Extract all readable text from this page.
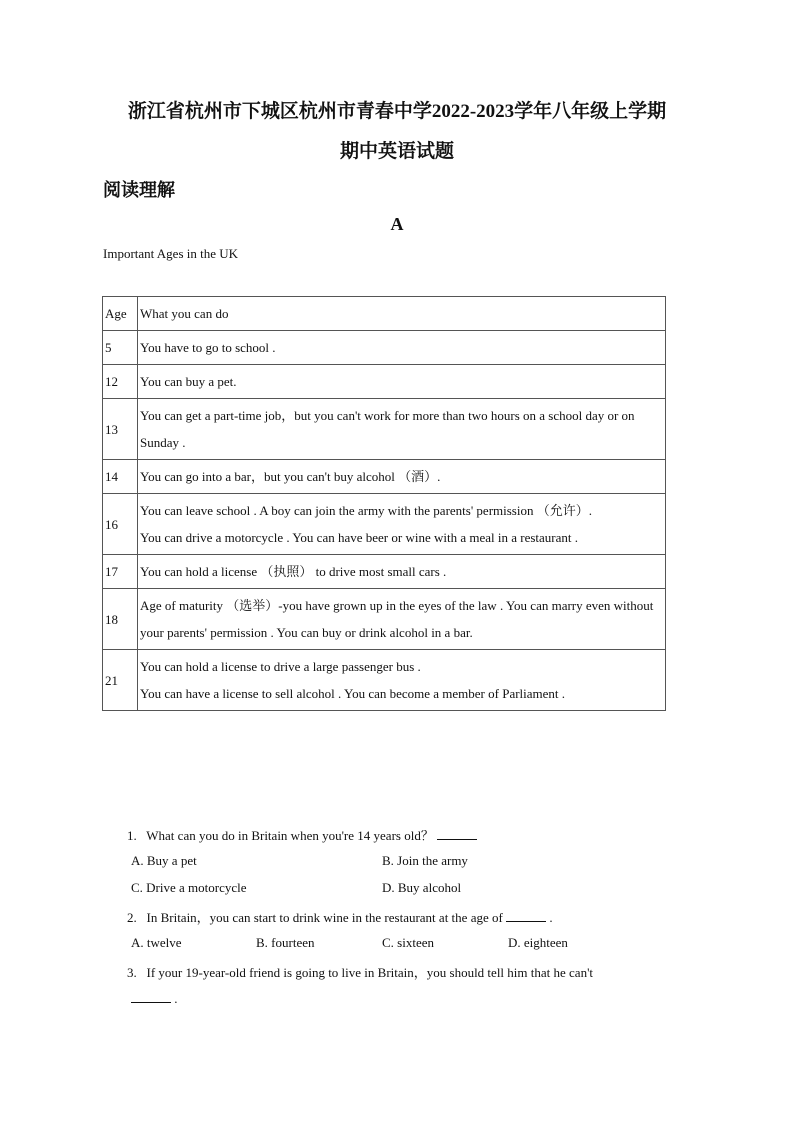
浙江省杭州市下城区杭州市青春中学2022-2023学年八年级上学期
期中英语试题
阅读理解
A
Important Ages in the UK
Age	What you can do
5	You have to go to school .
12	You can buy a pet.
13	You can get a part-time job，but you can't work for more than two hours on a school day or on Sunday .
14	You can go into a bar，but you can't buy alcohol （酒）.
16	You can leave school . A boy can join the army with the parents' permission （允许）.
You can drive a motorcycle . You can have beer or wine with a meal in a restaurant .

17	You can hold a license （执照） to drive most small cars .
18	Age of maturity （选举）-you have grown up in the eyes of the law . You can marry even without your parents' permission . You can buy or drink alcohol in a bar.
21	You can hold a license to drive a large passenger bus .
You can have a license to sell alcohol . You can become a member of Parliament .
1. What can you do in Britain when you're 14 years old？
A. Buy a pet	B. Join the army
C. Drive a motorcycle	D. Buy alcohol
2. In Britain，you can start to drink wine in the restaurant at the age of	.
A. twelve	B. fourteen	C. sixteen	D. eighteen
3. If your 19-year-old friend is going to live in Britain，you should tell him that he can't
.
